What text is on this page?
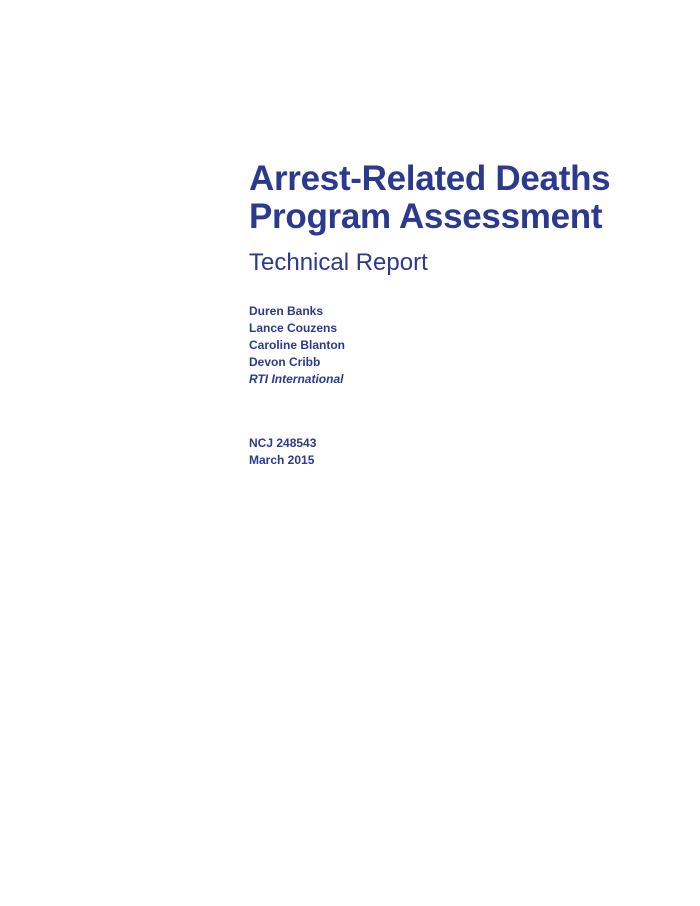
Arrest-Related Deaths
Program Assessment
Technical Report
Duren Banks
Lance Couzens
Caroline Blanton
Devon Cribb
RTI International
NCJ 248543
March 2015
